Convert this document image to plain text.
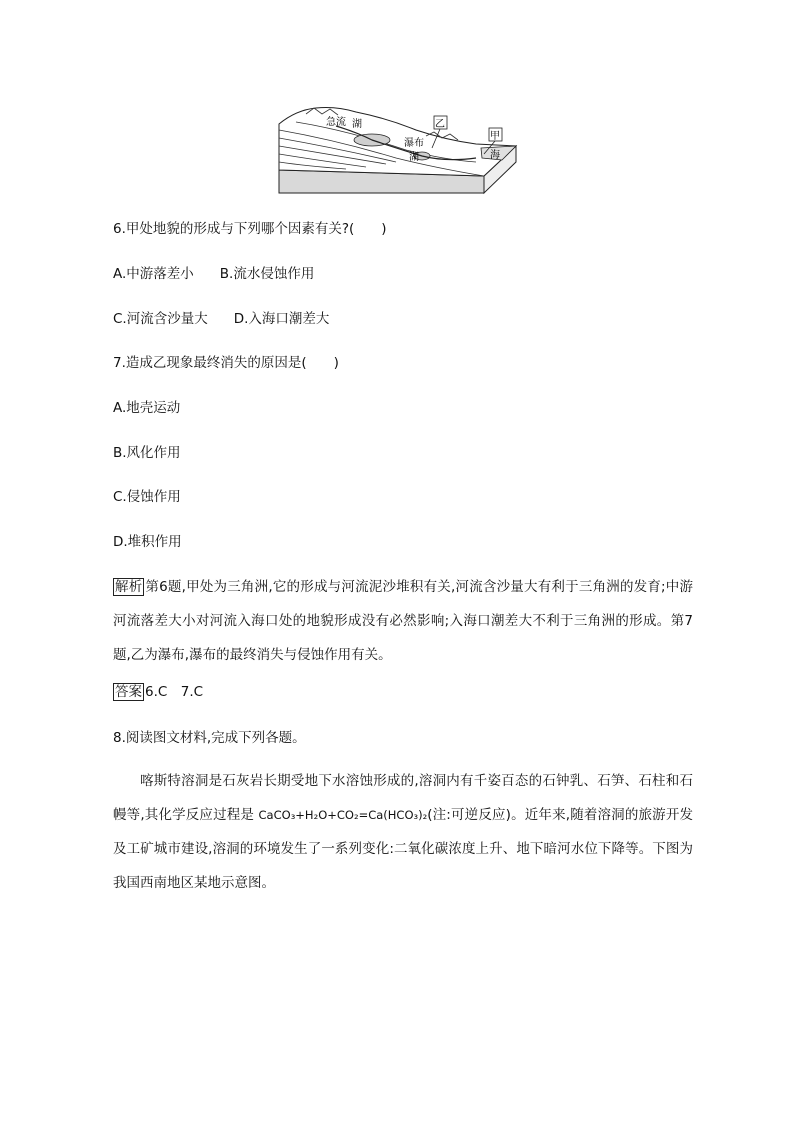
急流 湖	乙
瀑布
甲
海
湖

6.甲处地貌的形成与下列哪个因素有关?(　　)

A.中游落差小 B.流水侵蚀作用

C.河流含沙量大 D.入海口潮差大

7.造成乙现象最终消失的原因是(　　)

A.地壳运动

B.风化作用

C.侵蚀作用

D.堆积作用

解析 第6题,甲处为三角洲,它的形成与河流泥沙堆积有关,河流含沙量大有利于三角洲的发育;中游河流落差大小对河流入海口处的地貌形成没有必然影响;入海口潮差大不利于三角洲的形成。第7题,乙为瀑布,瀑布的最终消失与侵蚀作用有关。

答案 6.C　7.C

8.阅读图文材料,完成下列各题。

喀斯特溶洞是石灰岩长期受地下水溶蚀形成的,溶洞内有千姿百态的石钟乳、石笋、石柱和石幔等,其化学反应过程是 CaCO₃+H₂O+CO₂=Ca(HCO₃)₂(注:可逆反应)。近年来,随着溶洞的旅游开发及工矿城市建设,溶洞的环境发生了一系列变化:二氧化碳浓度上升、地下暗河水位下降等。下图为我国西南地区某地示意图。
